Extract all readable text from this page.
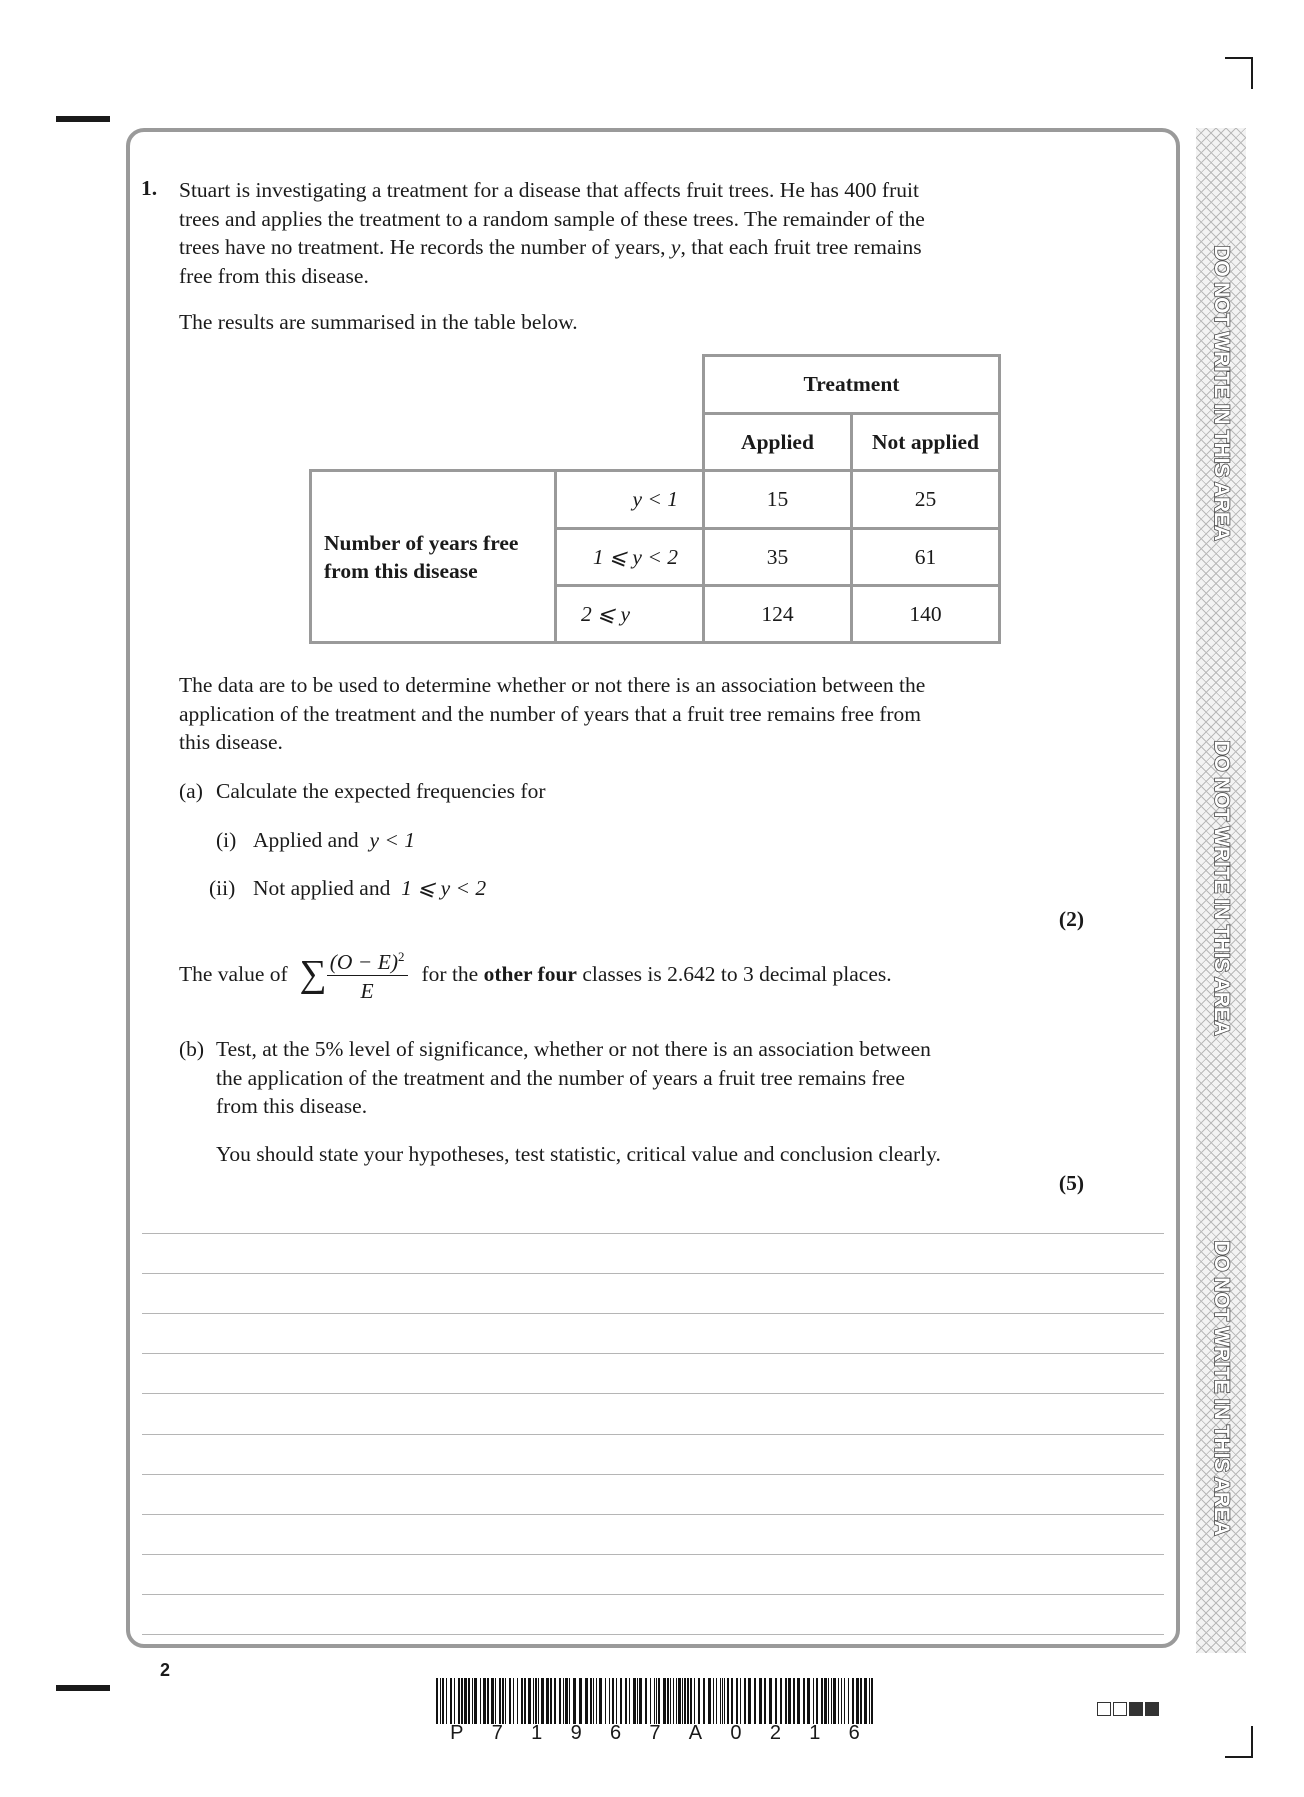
DO NOT WRITE IN THIS AREA
DO NOT WRITE IN THIS AREA
DO NOT WRITE IN THIS AREA
1. Stuart is investigating a treatment for a disease that affects fruit trees. He has 400 fruit
trees and applies the treatment to a random sample of these trees. The remainder of the
trees have no treatment. He records the number of years, y, that each fruit tree remains
free from this disease.
The results are summarised in the table below.
		Treatment	
		Applied	Not applied

Number of years free
from this disease	y < 1	15	25
	1 ⩽ y < 2	35	61
	2 ⩽ y	124	140
The data are to be used to determine whether or not there is an association between the
application of the treatment and the number of years that a fruit tree remains free from
this disease.
(a) Calculate the expected frequencies for
(i) Applied and y < 1
(ii) Not applied and 1 ⩽ y < 2
(2)
The value of ∑ $\frac{(O - E)^2}{E}$ for the
other four
classes is 2.642 to 3 decimal places.
(b) Test, at the 5% level of significance, whether or not there is an association between
the application of the treatment and the number of years a fruit tree remains free
from this disease.
You should state your hypotheses, test statistic, critical value and conclusion clearly.
(5)
2
P 7 1 9 6 7 A 0 2 1 6
